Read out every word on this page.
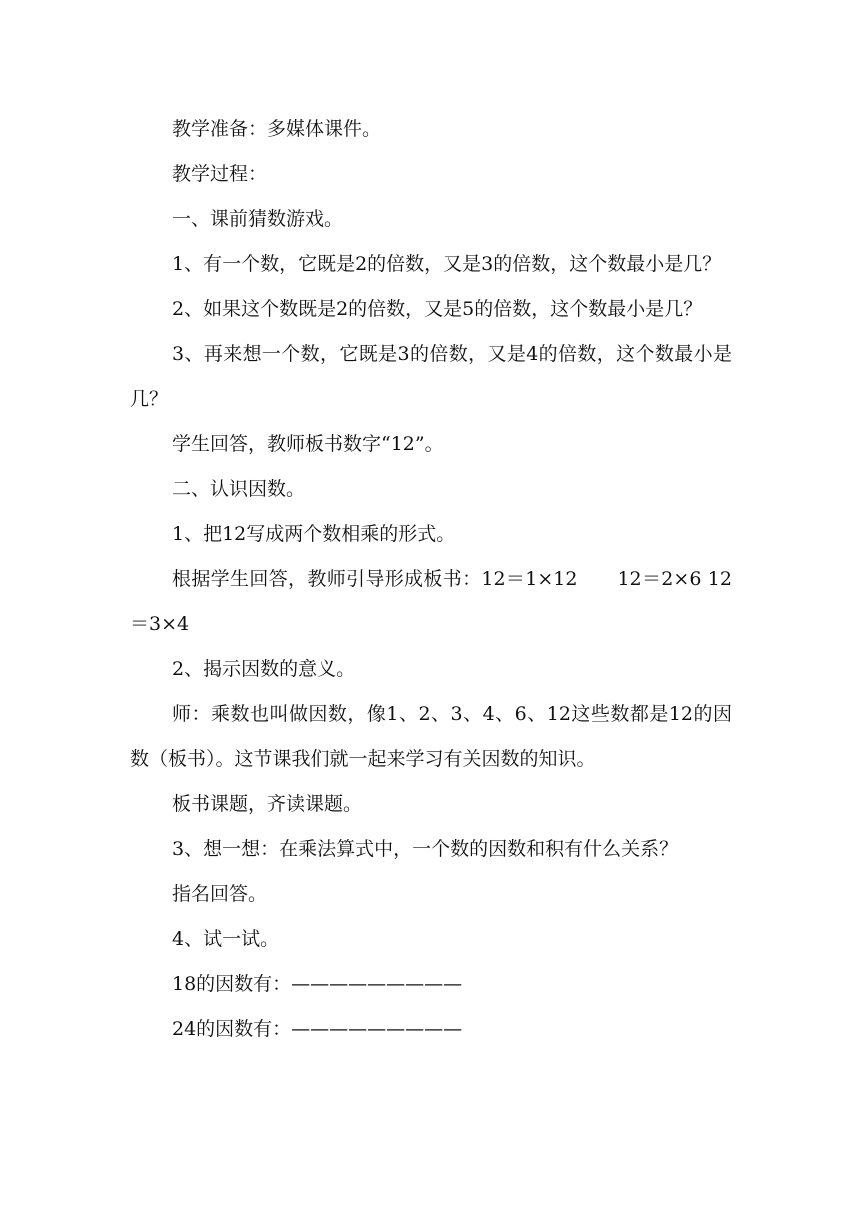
教学准备：多媒体课件。

教学过程：

一、课前猜数游戏。

1、有一个数，它既是2的倍数，又是3的倍数，这个数最小是几？

2、如果这个数既是2的倍数，又是5的倍数，这个数最小是几？

3、再来想一个数，它既是3的倍数，又是4的倍数，这个数最小是几？

学生回答，教师板书数字“12”。

二、认识因数。

1、把12写成两个数相乘的形式。

根据学生回答，教师引导形成板书：12＝1×12 12＝2×6 12＝3×4

2、揭示因数的意义。

师：乘数也叫做因数，像1、2、3、4、6、12这些数都是12的因数（板书）。这节课我们就一起来学习有关因数的知识。

板书课题，齐读课题。

3、想一想：在乘法算式中，一个数的因数和积有什么关系？

指名回答。

4、试一试。

18的因数有：—————————

24的因数有：—————————
